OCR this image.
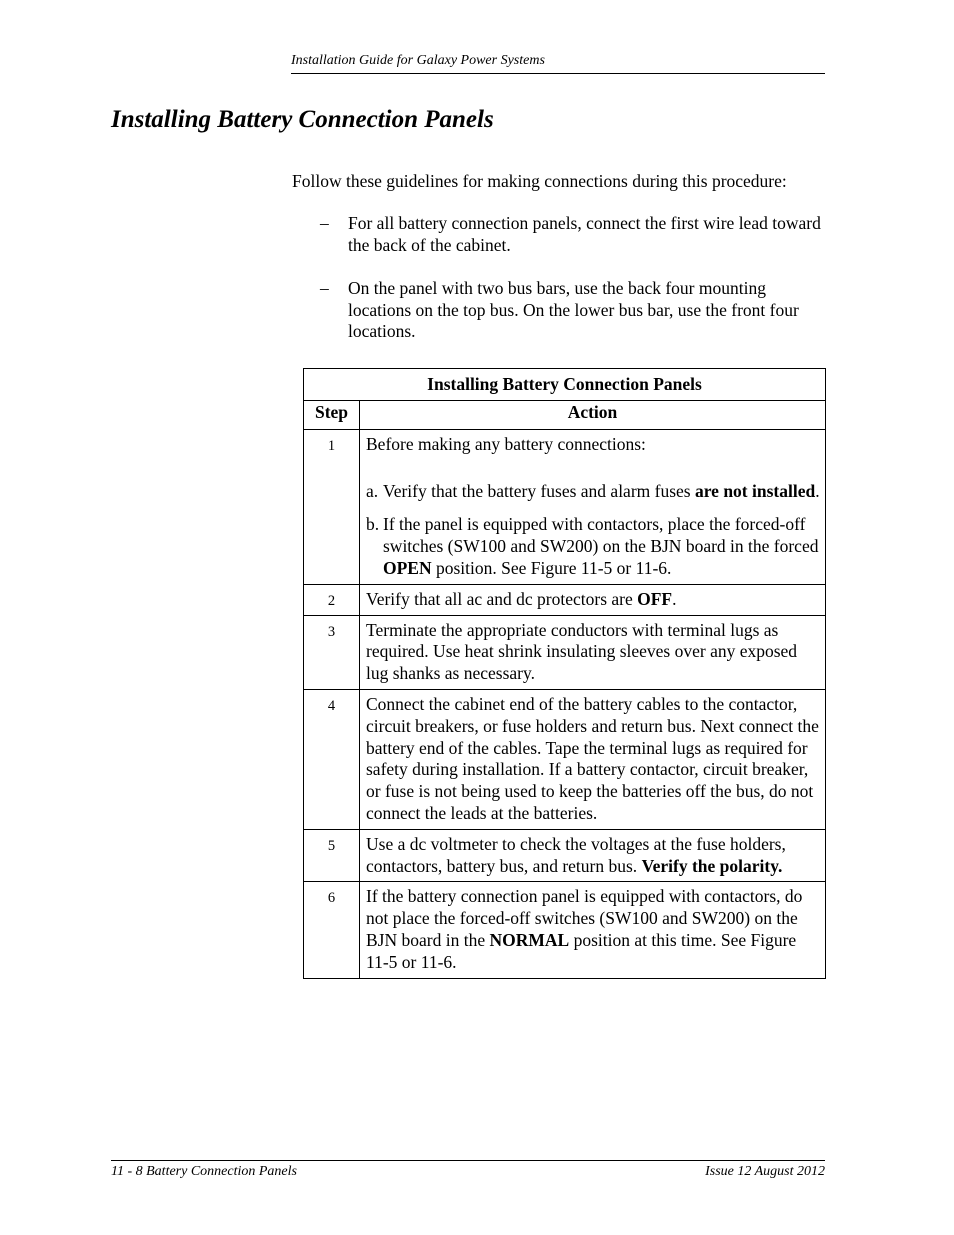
Installation Guide for Galaxy Power Systems
Installing Battery Connection Panels

Follow these guidelines for making connections during this procedure:

– For all battery connection panels, connect the first wire lead toward the back of the cabinet.
– On the panel with two bus bars, use the back four mounting locations on the top bus. On the lower bus bar, use the front four locations.
Installing Battery Connection Panels	
Step	Action
1	Before making any battery connections:
a. Verify that the battery fuses and alarm fuses are not installed.
b. If the panel is equipped with contactors, place the forced-off switches (SW100 and SW200) on the BJN board in the forced OPEN position. See Figure 11-5 or 11-6.

2	Verify that all ac and dc protectors are OFF.
3	Terminate the appropriate conductors with terminal lugs as required. Use heat shrink insulating sleeves over any exposed lug shanks as necessary.
4	Connect the cabinet end of the battery cables to the contactor, circuit breakers, or fuse holders and return bus. Next connect the battery end of the cables. Tape the terminal lugs as required for safety during installation. If a battery contactor, circuit breaker, or fuse is not being used to keep the batteries off the bus, do not connect the leads at the batteries.
5	Use a dc voltmeter to check the voltages at the fuse holders, contactors, battery bus, and return bus. Verify the polarity.
6	If the battery connection panel is equipped with contactors, do not place the forced-off switches (SW100 and SW200) on the BJN board in the NORMAL position at this time. See Figure 11-5 or 11-6.
11 - 8 Battery Connection Panels	Issue 12 August 2012
